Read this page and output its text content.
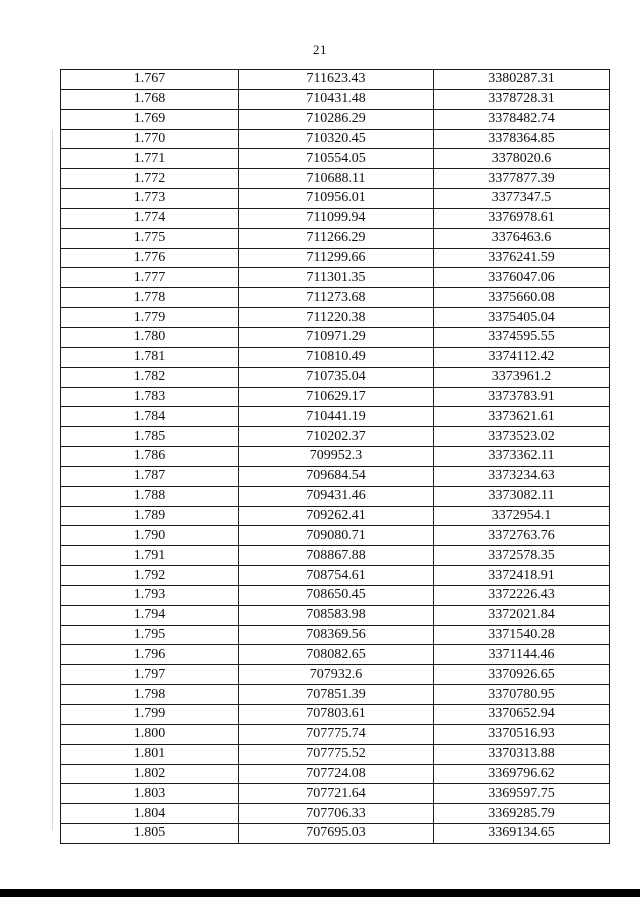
21
1.767	711623.43	3380287.31
1.768	710431.48	3378728.31
1.769	710286.29	3378482.74
1.770	710320.45	3378364.85
1.771	710554.05	3378020.6
1.772	710688.11	3377877.39
1.773	710956.01	3377347.5
1.774	711099.94	3376978.61
1.775	711266.29	3376463.6
1.776	711299.66	3376241.59
1.777	711301.35	3376047.06
1.778	711273.68	3375660.08
1.779	711220.38	3375405.04
1.780	710971.29	3374595.55
1.781	710810.49	3374112.42
1.782	710735.04	3373961.2
1.783	710629.17	3373783.91
1.784	710441.19	3373621.61
1.785	710202.37	3373523.02
1.786	709952.3	3373362.11
1.787	709684.54	3373234.63
1.788	709431.46	3373082.11
1.789	709262.41	3372954.1
1.790	709080.71	3372763.76
1.791	708867.88	3372578.35
1.792	708754.61	3372418.91
1.793	708650.45	3372226.43
1.794	708583.98	3372021.84
1.795	708369.56	3371540.28
1.796	708082.65	3371144.46
1.797	707932.6	3370926.65
1.798	707851.39	3370780.95
1.799	707803.61	3370652.94
1.800	707775.74	3370516.93
1.801	707775.52	3370313.88
1.802	707724.08	3369796.62
1.803	707721.64	3369597.75
1.804	707706.33	3369285.79
1.805	707695.03	3369134.65
